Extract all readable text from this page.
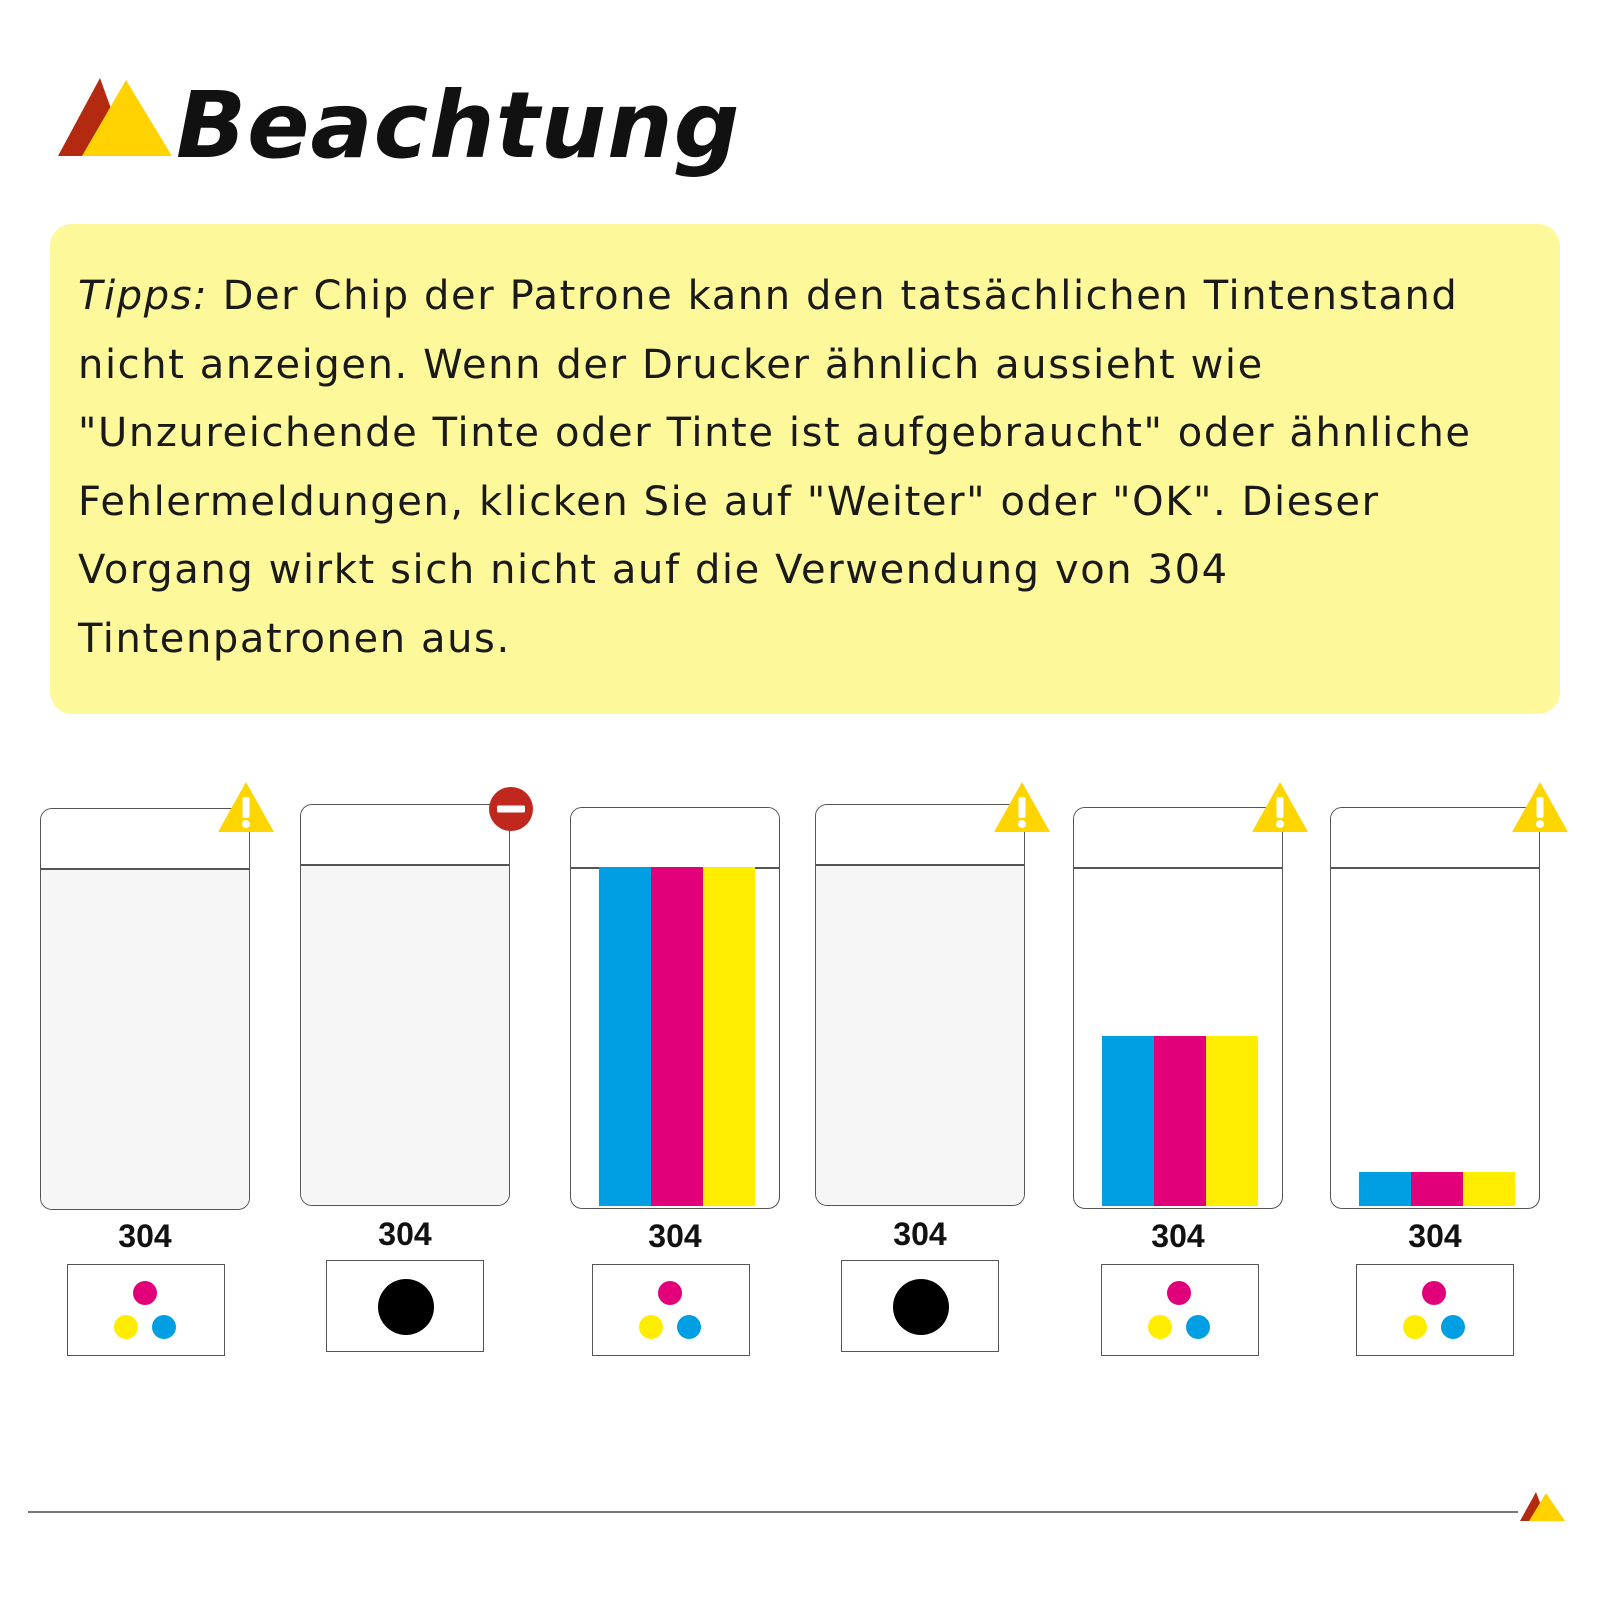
Beachtung
Tipps: Der Chip der Patrone kann den tatsächlichen Tintenstand nicht anzeigen. Wenn der Drucker ähnlich aussieht wie "Unzureichende Tinte oder Tinte ist aufgebraucht" oder ähnliche Fehlermeldungen, klicken Sie auf "Weiter" oder "OK". Dieser Vorgang wirkt sich nicht auf die Verwendung von 304 Tintenpatronen aus.
304	304	304	304	304	304
